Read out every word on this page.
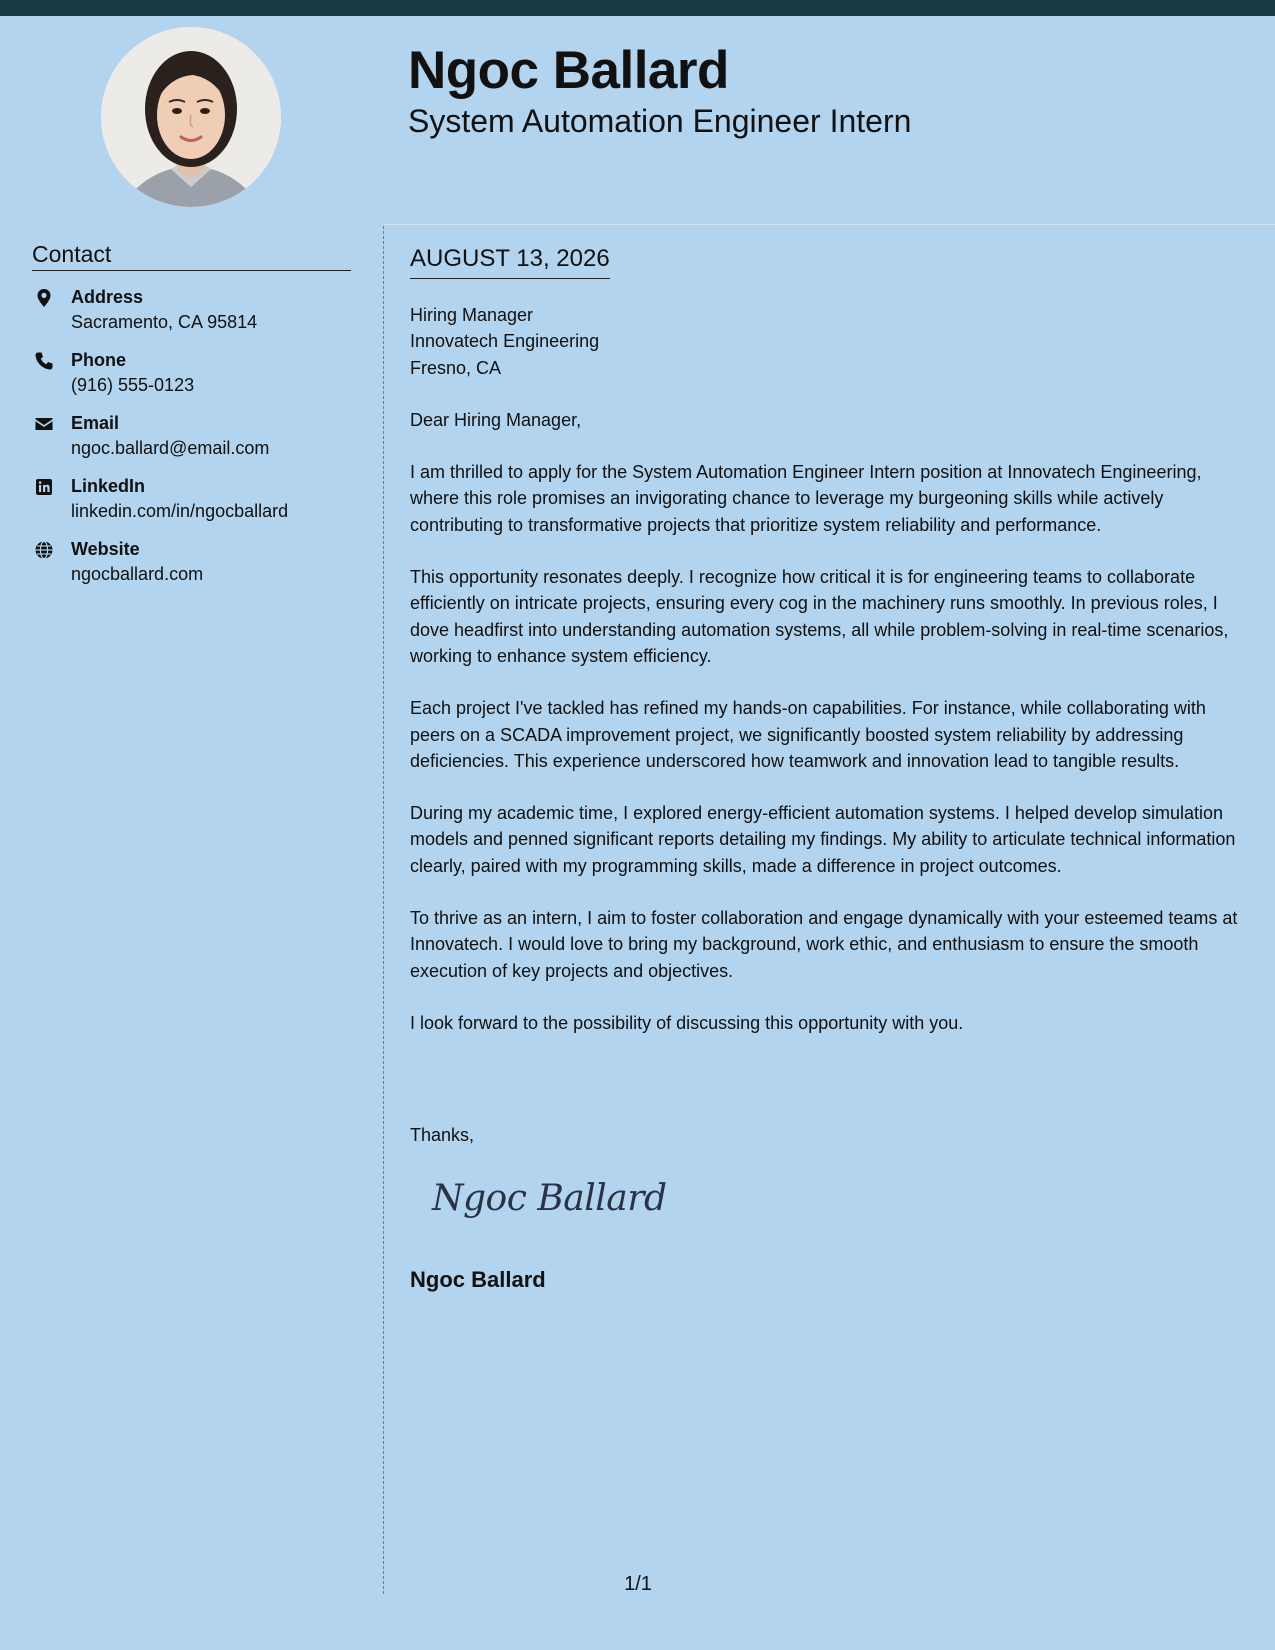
Ngoc Ballard
System Automation Engineer Intern
Contact
Address
Sacramento, CA 95814
Phone
(916) 555-0123
Email
ngoc.ballard@email.com
LinkedIn
linkedin.com/in/ngocballard
Website
ngocballard.com
AUGUST 13, 2026
Hiring Manager
Innovatech Engineering
Fresno, CA

Dear Hiring Manager,

I am thrilled to apply for the System Automation Engineer Intern position at Innovatech Engineering, where this role promises an invigorating chance to leverage my burgeoning skills while actively contributing to transformative projects that prioritize system reliability and performance.

This opportunity resonates deeply. I recognize how critical it is for engineering teams to collaborate efficiently on intricate projects, ensuring every cog in the machinery runs smoothly. In previous roles, I dove headfirst into understanding automation systems, all while problem-solving in real-time scenarios, working to enhance system efficiency.

Each project I've tackled has refined my hands-on capabilities. For instance, while collaborating with peers on a SCADA improvement project, we significantly boosted system reliability by addressing deficiencies. This experience underscored how teamwork and innovation lead to tangible results.

During my academic time, I explored energy-efficient automation systems. I helped develop simulation models and penned significant reports detailing my findings. My ability to articulate technical information clearly, paired with my programming skills, made a difference in project outcomes.

To thrive as an intern, I aim to foster collaboration and engage dynamically with your esteemed teams at Innovatech. I would love to bring my background, work ethic, and enthusiasm to ensure the smooth execution of key projects and objectives.

I look forward to the possibility of discussing this opportunity with you.

Thanks,
Ngoc Ballard
Ngoc Ballard
1/1
